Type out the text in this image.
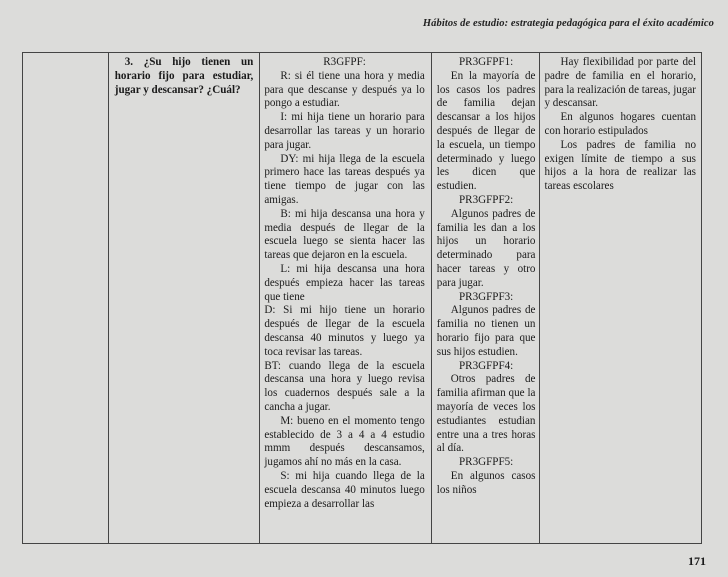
Hábitos de estudio: estrategia pedagógica para el éxito académico

3. ¿Su hijo tienen un horario fijo para estudiar, jugar y descansar? ¿Cuál?

R3GFPF:

R: si él tiene una hora y media para que descanse y después ya lo pongo a estudiar.

I: mi hija tiene un horario para desarrollar las tareas y un horario para jugar.

DY: mi hija llega de la escuela primero hace las tareas después ya tiene tiempo de jugar con las amigas.

B: mi hija descansa una hora y media después de llegar de la escuela luego se sienta hacer las tareas que dejaron en la escuela.

L: mi hija descansa una hora después empieza hacer las tareas que tiene

D: Si mi hijo tiene un horario después de llegar de la escuela descansa 40 minutos y luego ya toca revisar las tareas.

BT: cuando llega de la escuela descansa una hora y luego revisa los cuadernos después sale a la cancha a jugar.

M: bueno en el momento tengo establecido de 3 a 4 a 4 estudio mmm después descansamos, jugamos ahí no más en la casa.

S: mi hija cuando llega de la escuela descansa 40 minutos luego empieza a desarrollar las

PR3GFPF1:

En la mayoría de los casos los padres de familia dejan descansar a los hijos después de llegar de la escuela, un tiempo determinado y luego les dicen que estudien.

PR3GFPF2:

Algunos padres de familia les dan a los hijos un horario determinado para hacer tareas y otro para jugar.

PR3GFPF3:

Algunos padres de familia no tienen un horario fijo para que sus hijos estudien.

PR3GFPF4:

Otros padres de familia afirman que la mayoría de veces los estudiantes estudian entre una a tres horas al día.

PR3GFPF5:

En algunos casos los niños

Hay flexibilidad por parte del padre de familia en el horario, para la realización de tareas, jugar y descansar.

En algunos hogares cuentan con horario estipulados

Los padres de familia no exigen límite de tiempo a sus hijos a la hora de realizar las tareas escolares

171
